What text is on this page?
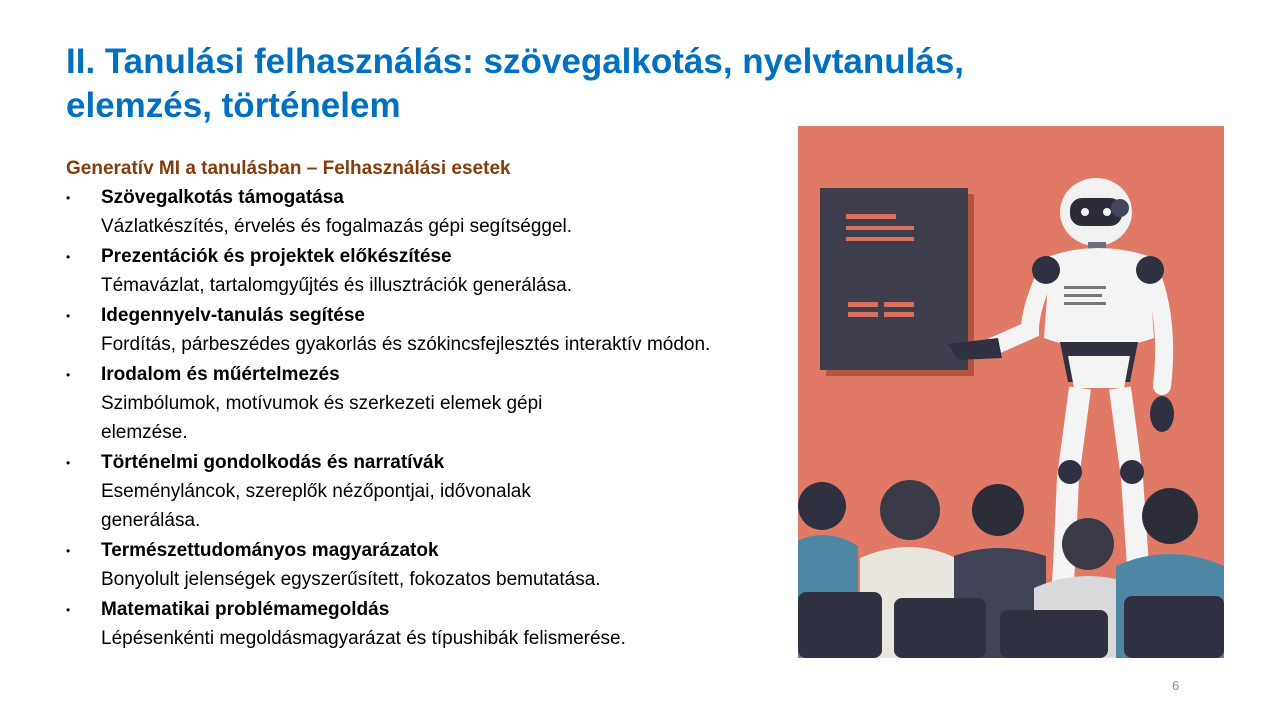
II. Tanulási felhasználás: szövegalkotás, nyelvtanulás, elemzés, történelem
Generatív MI a tanulásban – Felhasználási esetek
• Szövegalkotás támogatása
Vázlatkészítés, érvelés és fogalmazás gépi segítséggel.
• Prezentációk és projektek előkészítése
Témavázlat, tartalomgyűjtés és illusztrációk generálása.
• Idegennyelv-tanulás segítése
Fordítás, párbeszédes gyakorlás és szókincsfejlesztés interaktív módon.
• Irodalom és műértelmezés
Szimbólumok, motívumok és szerkezeti elemek gépi elemzése.
• Történelmi gondolkodás és narratívák
Eseményláncok, szereplők nézőpontjai, idővonalak generálása.
• Természettudományos magyarázatok
Bonyolult jelenségek egyszerűsített, fokozatos bemutatása.
• Matematikai problémamegoldás
Lépésenkénti megoldásmagyarázat és típushibák felismerése.
6
